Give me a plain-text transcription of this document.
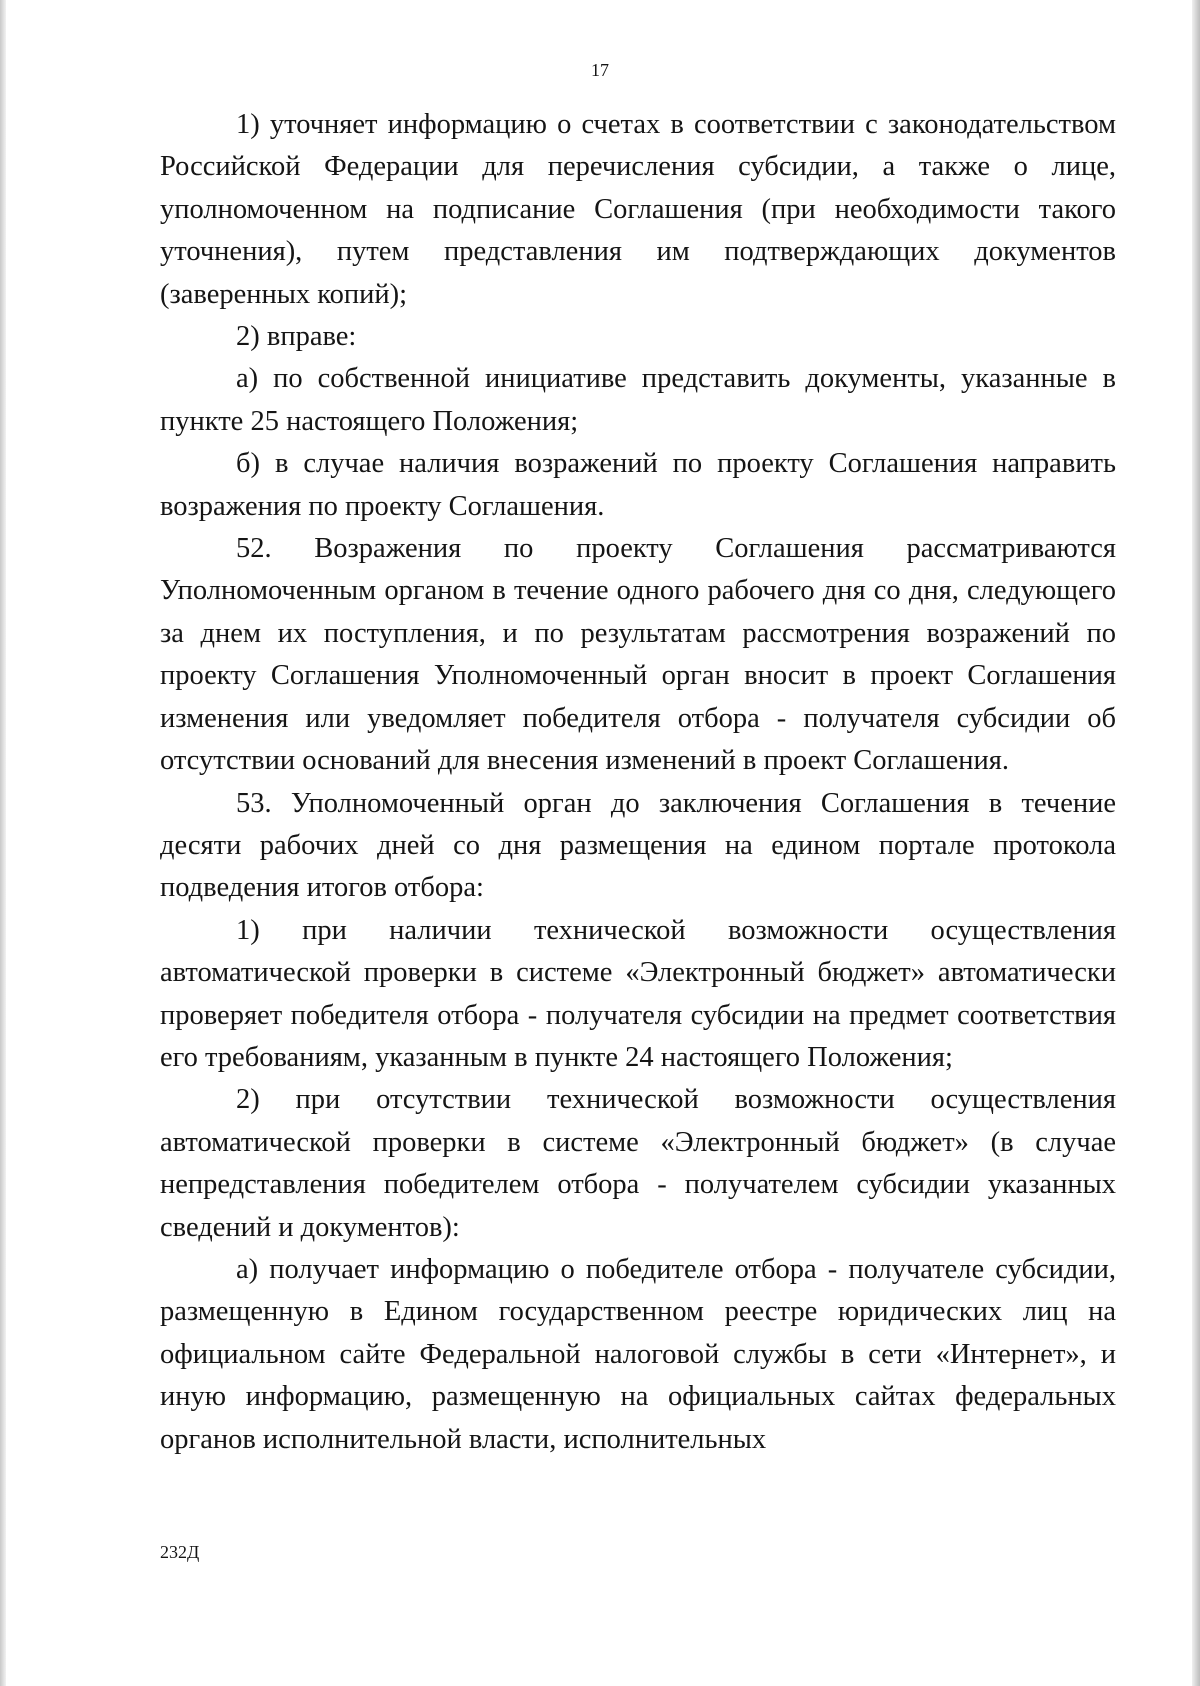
17

1) уточняет информацию о счетах в соответствии с законодательством Российской Федерации для перечисления субсидии, а также о лице, уполномоченном на подписание Соглашения (при необходимости такого уточнения), путем представления им подтверждающих документов (заверенных копий);

2) вправе:

а) по собственной инициативе представить документы, указанные в пункте 25 настоящего Положения;

б) в случае наличия возражений по проекту Соглашения направить возражения по проекту Соглашения.

52. Возражения по проекту Соглашения рассматриваются Уполномоченным органом в течение одного рабочего дня со дня, следующего за днем их поступления, и по результатам рассмотрения возражений по проекту Соглашения Уполномоченный орган вносит в проект Соглашения изменения или уведомляет победителя отбора - получателя субсидии об отсутствии оснований для внесения изменений в проект Соглашения.

53. Уполномоченный орган до заключения Соглашения в течение десяти рабочих дней со дня размещения на едином портале протокола подведения итогов отбора:

1) при наличии технической возможности осуществления автоматической проверки в системе «Электронный бюджет» автоматически проверяет победителя отбора - получателя субсидии на предмет соответствия его требованиям, указанным в пункте 24 настоящего Положения;

2) при отсутствии технической возможности осуществления автоматической проверки в системе «Электронный бюджет» (в случае непредставления победителем отбора - получателем субсидии указанных сведений и документов):

а) получает информацию о победителе отбора - получателе субсидии, размещенную в Едином государственном реестре юридических лиц на официальном сайте Федеральной налоговой службы в сети «Интернет», и иную информацию, размещенную на официальных сайтах федеральных органов исполнительной власти, исполнительных

232Д
